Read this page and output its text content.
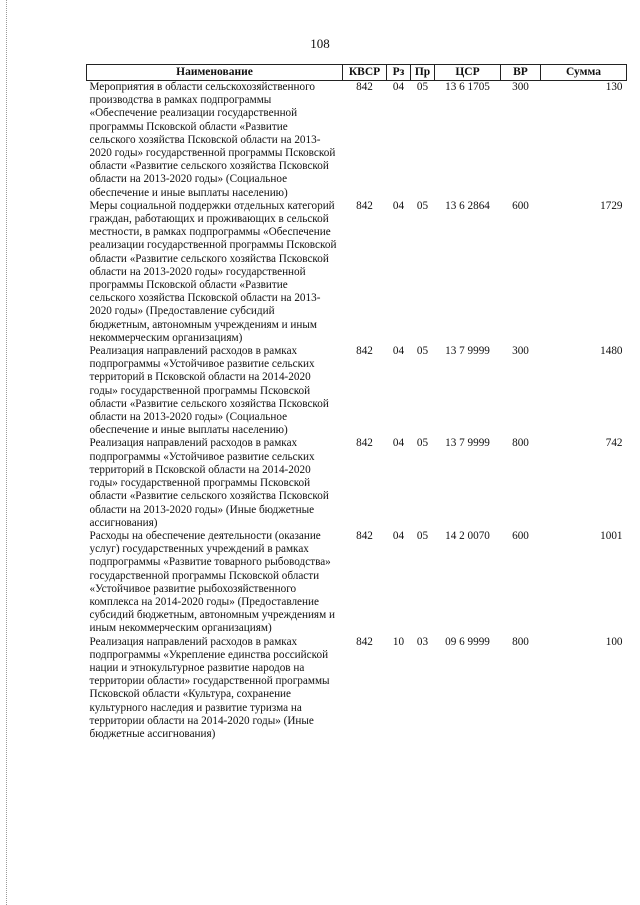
108
Наименование	КВСР	Рз	Пр	ЦСР	ВР	Сумма
Мероприятия в области сельскохозяйственного производства в рамках подпрограммы «Обеспечение реализации государственной программы Псковской области «Развитие сельского хозяйства Псковской области на 2013-2020 годы» государственной программы Псковской области «Развитие сельского хозяйства Псковской области на 2013-2020 годы» (Социальное обеспечение и иные выплаты населению)	842	04	05	13 6 1705	300	130
Меры социальной поддержки отдельных категорий граждан, работающих и проживающих в сельской местности, в рамках подпрограммы «Обеспечение реализации государственной программы Псковской области «Развитие сельского хозяйства Псковской области на 2013-2020 годы» государственной программы Псковской области «Развитие сельского хозяйства Псковской области на 2013-2020 годы» (Предоставление субсидий бюджетным, автономным учреждениям и иным некоммерческим организациям)	842	04	05	13 6 2864	600	1729
Реализация направлений расходов в рамках подпрограммы «Устойчивое развитие сельских территорий в Псковской области на 2014-2020 годы» государственной программы Псковской области «Развитие сельского хозяйства Псковской области на 2013-2020 годы» (Социальное обеспечение и иные выплаты населению)	842	04	05	13 7 9999	300	1480
Реализация направлений расходов в рамках подпрограммы «Устойчивое развитие сельских территорий в Псковской области на 2014-2020 годы» государственной программы Псковской области «Развитие сельского хозяйства Псковской области на 2013-2020 годы» (Иные бюджетные ассигнования)	842	04	05	13 7 9999	800	742
Расходы на обеспечение деятельности (оказание услуг) государственных учреждений в рамках подпрограммы «Развитие товарного рыбоводства» государственной программы Псковской области «Устойчивое развитие рыбохозяйственного комплекса на 2014-2020 годы» (Предоставление субсидий бюджетным, автономным учреждениям и иным некоммерческим организациям)	842	04	05	14 2 0070	600	1001
Реализация направлений расходов в рамках подпрограммы «Укрепление единства российской нации и этнокультурное развитие народов на территории области» государственной программы Псковской области «Культура, сохранение культурного наследия и развитие туризма на территории области на 2014-2020 годы» (Иные бюджетные ассигнования)	842	10	03	09 6 9999	800	100
